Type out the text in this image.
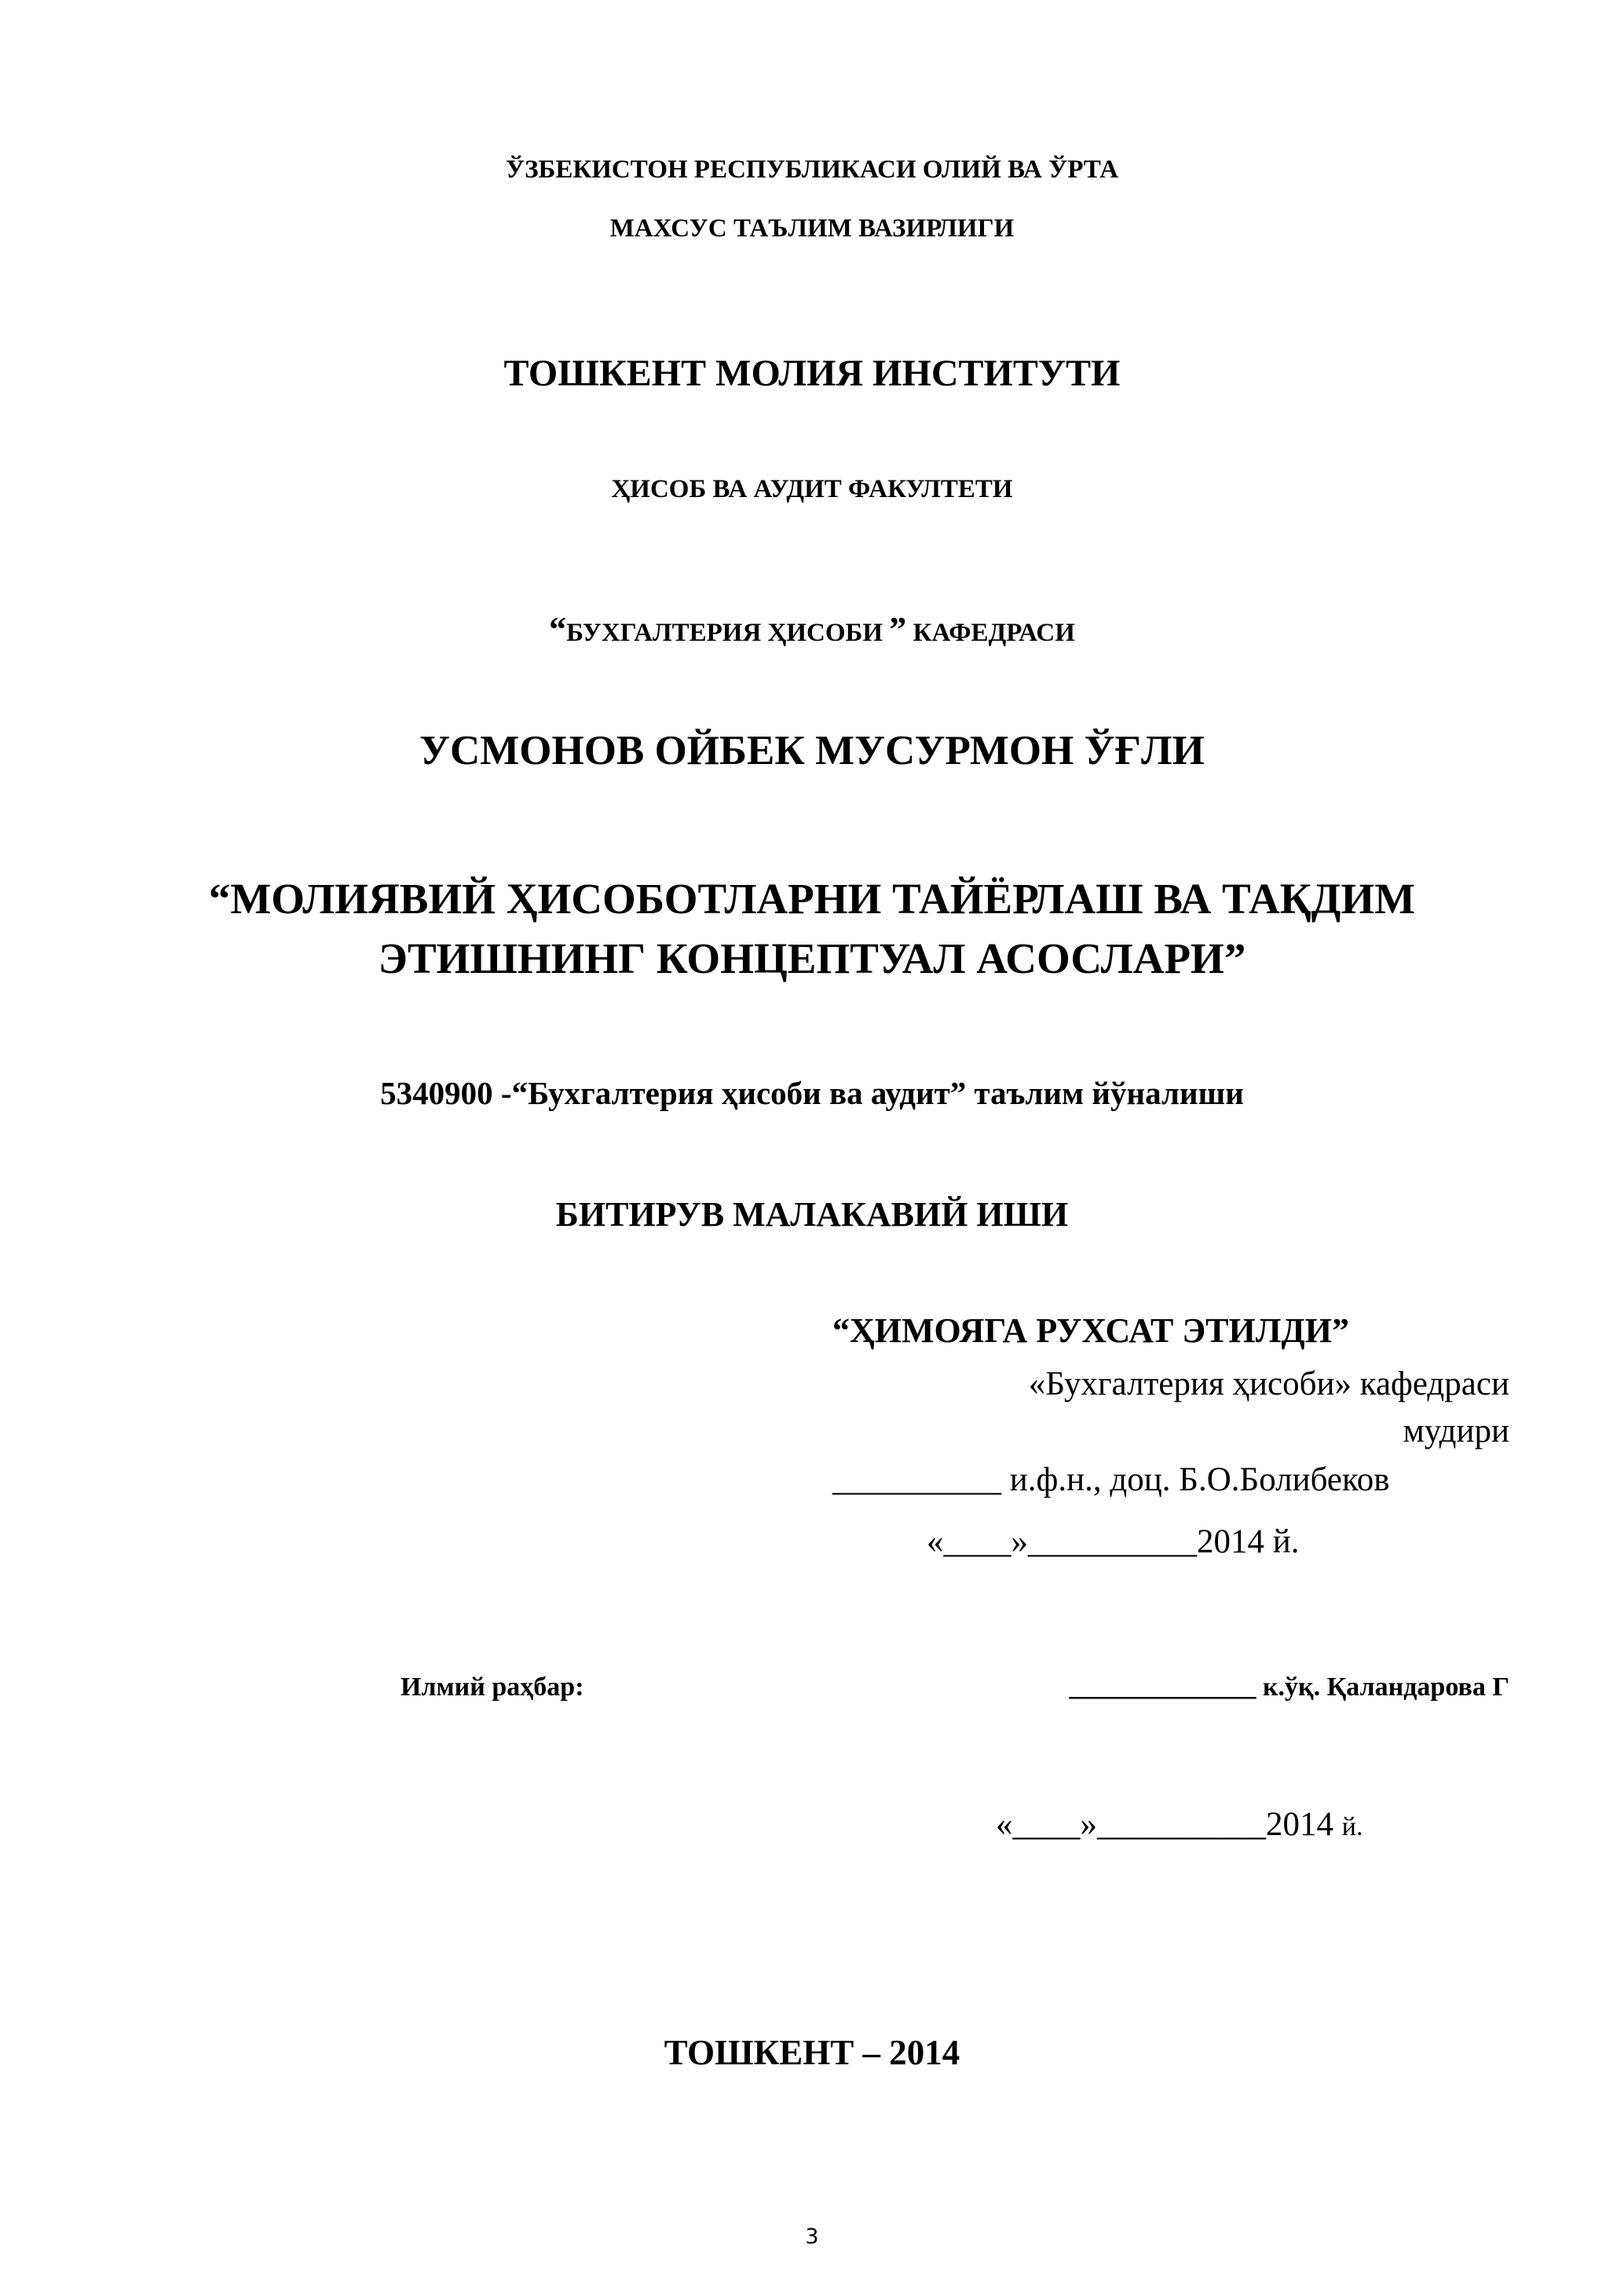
ЎЗБЕКИСТОН РЕСПУБЛИКАСИ ОЛИЙ ВА ЎРТА
МАХСУС ТАЪЛИМ ВАЗИРЛИГИ
ТОШКЕНТ МОЛИЯ ИНСТИТУТИ
ҲИСОБ ВА АУДИТ ФАКУЛТЕТИ
“БУХГАЛТЕРИЯ ҲИСОБИ ” КАФЕДРАСИ
УСМОНОВ ОЙБЕК МУСУРМОН ЎҒЛИ
“МОЛИЯВИЙ ҲИСОБОТЛАРНИ ТАЙЁРЛАШ ВА ТАҚДИМ
ЭТИШНИНГ КОНЦЕПТУАЛ АСОСЛАРИ”
5340900 -“Бухгалтерия ҳисоби ва аудит” таълим йўналиши
БИТИРУВ МАЛАКАВИЙ ИШИ
“ҲИМОЯГА РУХСАТ ЭТИЛДИ”
«Бухгалтерия ҳисоби» кафедраси
мудири
__________ и.ф.н., доц. Б.О.Болибеков
«____»__________2014 й.
Илмий раҳбар:	______________ к.ўқ. Қаландарова Г
«____»__________2014 й.
ТОШКЕНТ – 2014
3
